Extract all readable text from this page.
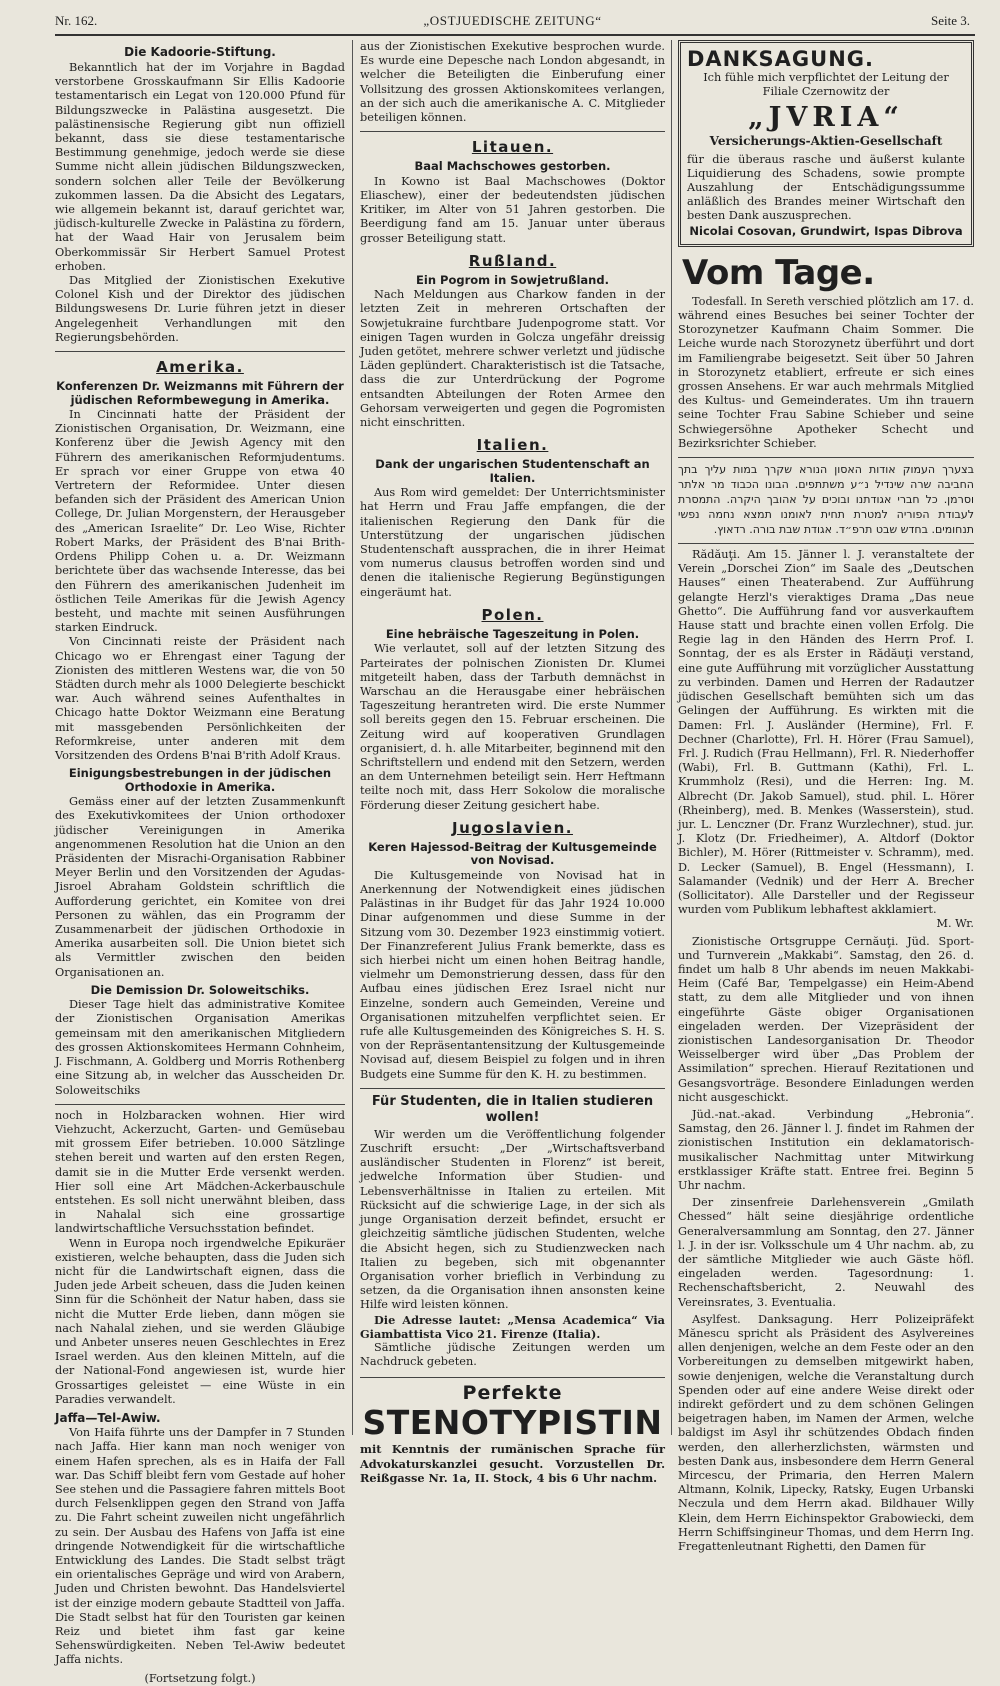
Nr. 162.	„OSTJUEDISCHE ZEITUNG“	Seite 3.
Die Kadoorie-Stiftung.

Bekanntlich hat der im Vorjahre in Bagdad verstorbene Grosskaufmann Sir Ellis Kadoorie testamentarisch ein Legat von 120.000 Pfund für Bildungszwecke in Palästina ausgesetzt. Die palästinensische Regierung gibt nun offiziell bekannt, dass sie diese testamentarische Bestimmung genehmige, jedoch werde sie diese Summe nicht allein jüdischen Bildungszwecken, sondern solchen aller Teile der Bevölkerung zukommen lassen. Da die Absicht des Legatars, wie allgemein bekannt ist, darauf gerichtet war, jüdisch-kulturelle Zwecke in Palästina zu fördern, hat der Waad Hair von Jerusalem beim Oberkommissär Sir Herbert Samuel Protest erhoben.

Das Mitglied der Zionistischen Exekutive Colonel Kish und der Direktor des jüdischen Bildungswesens Dr. Lurie führen jetzt in dieser Angelegenheit Verhandlungen mit den Regierungsbehörden.

Amerika.
Konferenzen Dr. Weizmanns mit Führern der jüdischen Reformbewegung in Amerika.

In Cincinnati hatte der Präsident der Zionistischen Organisation, Dr. Weizmann, eine Konferenz über die Jewish Agency mit den Führern des amerikanischen Reformjudentums. Er sprach vor einer Gruppe von etwa 40 Vertretern der Reformidee. Unter diesen befanden sich der Präsident des American Union College, Dr. Julian Morgenstern, der Herausgeber des „American Israelite“ Dr. Leo Wise, Richter Robert Marks, der Präsident des B'nai Brith-Ordens Philipp Cohen u. a. Dr. Weizmann berichtete über das wachsende Interesse, das bei den Führern des amerikanischen Judenheit im östlichen Teile Amerikas für die Jewish Agency besteht, und machte mit seinen Ausführungen starken Eindruck.

Von Cincinnati reiste der Präsident nach Chicago wo er Ehrengast einer Tagung der Zionisten des mittleren Westens war, die von 50 Städten durch mehr als 1000 Delegierte beschickt war. Auch während seines Aufenthaltes in Chicago hatte Doktor Weizmann eine Beratung mit massgebenden Persönlichkeiten der Reformkreise, unter anderen mit dem Vorsitzenden des Ordens B'nai B'rith Adolf Kraus.

Einigungsbestrebungen in der jüdischen Orthodoxie in Amerika.

Gemäss einer auf der letzten Zusammenkunft des Exekutivkomitees der Union orthodoxer jüdischer Vereinigungen in Amerika angenommenen Resolution hat die Union an den Präsidenten der Misrachi-Organisation Rabbiner Meyer Berlin und den Vorsitzenden der Agudas-Jisroel Abraham Goldstein schriftlich die Aufforderung gerichtet, ein Komitee von drei Personen zu wählen, das ein Programm der Zusammenarbeit der jüdischen Orthodoxie in Amerika ausarbeiten soll. Die Union bietet sich als Vermittler zwischen den beiden Organisationen an.

Die Demission Dr. Soloweitschiks.

Dieser Tage hielt das administrative Komitee der Zionistischen Organisation Amerikas gemeinsam mit den amerikanischen Mitgliedern des grossen Aktionskomitees Hermann Cohnheim, J. Fischmann, A. Goldberg und Morris Rothenberg eine Sitzung ab, in welcher das Ausscheiden Dr. Soloweitschiks

noch in Holzbaracken wohnen. Hier wird Viehzucht, Ackerzucht, Garten- und Gemüsebau mit grossem Eifer betrieben. 10.000 Sätzlinge stehen bereit und warten auf den ersten Regen, damit sie in die Mutter Erde versenkt werden. Hier soll eine Art Mädchen-Ackerbauschule entstehen. Es soll nicht unerwähnt bleiben, dass in Nahalal sich eine grossartige landwirtschaftliche Versuchsstation befindet.

Wenn in Europa noch irgendwelche Epikuräer existieren, welche behaupten, dass die Juden sich nicht für die Landwirtschaft eignen, dass die Juden jede Arbeit scheuen, dass die Juden keinen Sinn für die Schönheit der Natur haben, dass sie nicht die Mutter Erde lieben, dann mögen sie nach Nahalal ziehen, und sie werden Gläubige und Anbeter unseres neuen Geschlechtes in Erez Israel werden. Aus den kleinen Mitteln, auf die der National-Fond angewiesen ist, wurde hier Grossartiges geleistet — eine Wüste in ein Paradies verwandelt.

Jaffa—Tel-Awiw.

Von Haifa führte uns der Dampfer in 7 Stunden nach Jaffa. Hier kann man noch weniger von einem Hafen sprechen, als es in Haifa der Fall war. Das Schiff bleibt fern vom Gestade auf hoher See stehen und die Passagiere fahren mittels Boot durch Felsenklippen gegen den Strand von Jaffa zu. Die Fahrt scheint zuweilen nicht ungefährlich zu sein. Der Ausbau des Hafens von Jaffa ist eine dringende Notwendigkeit für die wirtschaftliche Entwicklung des Landes. Die Stadt selbst trägt ein orientalisches Gepräge und wird von Arabern, Juden und Christen bewohnt. Das Handelsviertel ist der einzige modern gebaute Stadtteil von Jaffa. Die Stadt selbst hat für den Touristen gar keinen Reiz und bietet ihm fast gar keine Sehenswürdigkeiten. Neben Tel-Awiw bedeutet Jaffa nichts.

(Fortsetzung folgt.)

aus der Zionistischen Exekutive besprochen wurde. Es wurde eine Depesche nach London abgesandt, in welcher die Beteiligten die Einberufung einer Vollsitzung des grossen Aktionskomitees verlangen, an der sich auch die amerikanische A. C. Mitglieder beteiligen können.

Litauen.
Baal Machschowes gestorben.

In Kowno ist Baal Machschowes (Doktor Eliaschew), einer der bedeutendsten jüdischen Kritiker, im Alter von 51 Jahren gestorben. Die Beerdigung fand am 15. Januar unter überaus grosser Beteiligung statt.

Rußland.
Ein Pogrom in Sowjetrußland.

Nach Meldungen aus Charkow fanden in der letzten Zeit in mehreren Ortschaften der Sowjetukraine furchtbare Judenpogrome statt. Vor einigen Tagen wurden in Golcza ungefähr dreissig Juden getötet, mehrere schwer verletzt und jüdische Läden geplündert. Charakteristisch ist die Tatsache, dass die zur Unterdrückung der Pogrome entsandten Abteilungen der Roten Armee den Gehorsam verweigerten und gegen die Pogromisten nicht einschritten.

Italien.
Dank der ungarischen Studentenschaft an Italien.

Aus Rom wird gemeldet: Der Unterrichtsminister hat Herrn und Frau Jaffe empfangen, die der italienischen Regierung den Dank für die Unterstützung der ungarischen jüdischen Studentenschaft aussprachen, die in ihrer Heimat vom numerus clausus betroffen worden sind und denen die italienische Regierung Begünstigungen eingeräumt hat.

Polen.
Eine hebräische Tageszeitung in Polen.

Wie verlautet, soll auf der letzten Sitzung des Parteirates der polnischen Zionisten Dr. Klumei mitgeteilt haben, dass der Tarbuth demnächst in Warschau an die Herausgabe einer hebräischen Tageszeitung herantreten wird. Die erste Nummer soll bereits gegen den 15. Februar erscheinen. Die Zeitung wird auf kooperativen Grundlagen organisiert, d. h. alle Mitarbeiter, beginnend mit den Schriftstellern und endend mit den Setzern, werden an dem Unternehmen beteiligt sein. Herr Heftmann teilte noch mit, dass Herr Sokolow die moralische Förderung dieser Zeitung gesichert habe.

Jugoslavien.
Keren Hajessod-Beitrag der Kultusgemeinde von Novisad.

Die Kultusgemeinde von Novisad hat in Anerkennung der Notwendigkeit eines jüdischen Palästinas in ihr Budget für das Jahr 1924 10.000 Dinar aufgenommen und diese Summe in der Sitzung vom 30. Dezember 1923 einstimmig votiert. Der Finanzreferent Julius Frank bemerkte, dass es sich hierbei nicht um einen hohen Beitrag handle, vielmehr um Demonstrierung dessen, dass für den Aufbau eines jüdischen Erez Israel nicht nur Einzelne, sondern auch Gemeinden, Vereine und Organisationen mitzuhelfen verpflichtet seien. Er rufe alle Kultusgemeinden des Königreiches S. H. S. von der Repräsentantensitzung der Kultusgemeinde Novisad auf, diesem Beispiel zu folgen und in ihren Budgets eine Summe für den K. H. zu bestimmen.

Für Studenten, die in Italien studieren wollen!

Wir werden um die Veröffentlichung folgender Zuschrift ersucht: „Der „Wirtschaftsverband ausländischer Studenten in Florenz“ ist bereit, jedwelche Information über Studien- und Lebensverhältnisse in Italien zu erteilen. Mit Rücksicht auf die schwierige Lage, in der sich als junge Organisation derzeit befindet, ersucht er gleichzeitig sämtliche jüdischen Studenten, welche die Absicht hegen, sich zu Studienzwecken nach Italien zu begeben, sich mit obgenannter Organisation vorher brieflich in Verbindung zu setzen, da die Organisation ihnen ansonsten keine Hilfe wird leisten können.

Die Adresse lautet: „Mensa Academica“ Via Giambattista Vico 21. Firenze (Italia).

Sämtliche jüdische Zeitungen werden um Nachdruck gebeten.

Perfekte
STENOTYPISTIN
mit Kenntnis der rumänischen Sprache für Advokaturskanzlei gesucht. Vorzustellen Dr. Reißgasse Nr. 1a, II. Stock, 4 bis 6 Uhr nachm.
DANKSAGUNG.

Ich fühle mich verpflichtet der Leitung der Filiale Czernowitz der

„JVRIA“
Versicherungs-Aktien-Gesellschaft

für die überaus rasche und äußerst kulante Liquidierung des Schadens, sowie prompte Auszahlung der Entschädigungssumme anläßlich des Brandes meiner Wirtschaft den besten Dank auszusprechen.

Nicolai Cosovan, Grundwirt, Ispas Dibrova
Vom Tage.

Todesfall. In Sereth verschied plötzlich am 17. d. während eines Besuches bei seiner Tochter der Storozynetzer Kaufmann Chaim Sommer. Die Leiche wurde nach Storozynetz überführt und dort im Familiengrabe beigesetzt. Seit über 50 Jahren in Storozynetz etabliert, erfreute er sich eines grossen Ansehens. Er war auch mehrmals Mitglied des Kultus- und Gemeinderates. Um ihn trauern seine Tochter Frau Sabine Schieber und seine Schwiegersöhne Apotheker Schecht und Bezirksrichter Schieber.

בצערך העמוק אודות האסון הנורא שקרך במות עליך בתך החביבה שרה שינדיל נ״ע משתתפים. הבונו הכבוד מר אלתר וסרמן. כל חברי אגודתנו ובוכים על אהובך היקרה. התמסרת לעבודת הפוריה למטרת תחית לאומנו תמצא נחמה נפשי תנחומים. בחדש שבט תרפ״ד. אגודת שבת בורה. רדאוץ.

Rădăuţi. Am 15. Jänner l. J. veranstaltete der Verein „Dorschei Zion“ im Saale des „Deutschen Hauses“ einen Theaterabend. Zur Aufführung gelangte Herzl's vieraktiges Drama „Das neue Ghetto“. Die Aufführung fand vor ausverkauftem Hause statt und brachte einen vollen Erfolg. Die Regie lag in den Händen des Herrn Prof. I. Sonntag, der es als Erster in Rădăuţi verstand, eine gute Aufführung mit vorzüglicher Ausstattung zu verbinden. Damen und Herren der Radautzer jüdischen Gesellschaft bemühten sich um das Gelingen der Aufführung. Es wirkten mit die Damen: Frl. J. Ausländer (Hermine), Frl. F. Dechner (Charlotte), Frl. H. Hörer (Frau Samuel), Frl. J. Rudich (Frau Hellmann), Frl. R. Niederhoffer (Wabi), Frl. B. Guttmann (Kathi), Frl. L. Krummholz (Resi), und die Herren: Ing. M. Albrecht (Dr. Jakob Samuel), stud. phil. L. Hörer (Rheinberg), med. B. Menkes (Wasserstein), stud. jur. L. Lenczner (Dr. Franz Wurzlechner), stud. jur. J. Klotz (Dr. Friedheimer), A. Altdorf (Doktor Bichler), M. Hörer (Rittmeister v. Schramm), med. D. Lecker (Samuel), B. Engel (Hessmann), I. Salamander (Vednik) und der Herr A. Brecher (Sollicitator). Alle Darsteller und der Regisseur wurden vom Publikum lebhaftest akklamiert.

M. Wr.

Zionistische Ortsgruppe Cernăuţi. Jüd. Sport- und Turnverein „Makkabi“. Samstag, den 26. d. findet um halb 8 Uhr abends im neuen Makkabi-Heim (Café Bar, Tempelgasse) ein Heim-Abend statt, zu dem alle Mitglieder und von ihnen eingeführte Gäste obiger Organisationen eingeladen werden. Der Vizepräsident der zionistischen Landesorganisation Dr. Theodor Weisselberger wird über „Das Problem der Assimilation“ sprechen. Hierauf Rezitationen und Gesangsvorträge. Besondere Einladungen werden nicht ausgeschickt.

Jüd.-nat.-akad. Verbindung „Hebronia“. Samstag, den 26. Jänner l. J. findet im Rahmen der zionistischen Institution ein deklamatorisch-musikalischer Nachmittag unter Mitwirkung erstklassiger Kräfte statt. Entree frei. Beginn 5 Uhr nachm.

Der zinsenfreie Darlehensverein „Gmilath Chessed“ hält seine diesjährige ordentliche Generalversammlung am Sonntag, den 27. Jänner l. J. in der isr. Volksschule um 4 Uhr nachm. ab, zu der sämtliche Mitglieder wie auch Gäste höfl. eingeladen werden. Tagesordnung: 1. Rechenschaftsbericht, 2. Neuwahl des Vereinsrates, 3. Eventualia.

Asylfest. Danksagung. Herr Polizeipräfekt Mănescu spricht als Präsident des Asylvereines allen denjenigen, welche an dem Feste oder an den Vorbereitungen zu demselben mitgewirkt haben, sowie denjenigen, welche die Veranstaltung durch Spenden oder auf eine andere Weise direkt oder indirekt gefördert und zu dem schönen Gelingen beigetragen haben, im Namen der Armen, welche baldigst im Asyl ihr schützendes Obdach finden werden, den allerherzlichsten, wärmsten und besten Dank aus, insbesondere dem Herrn General Mircescu, der Primaria, den Herren Malern Altmann, Kolnik, Lipecky, Ratsky, Eugen Urbanski Neczula und dem Herrn akad. Bildhauer Willy Klein, dem Herrn Eichinspektor Grabowiecki, dem Herrn Schiffsingineur Thomas, und dem Herrn Ing. Fregattenleutnant Righetti, den Damen für
